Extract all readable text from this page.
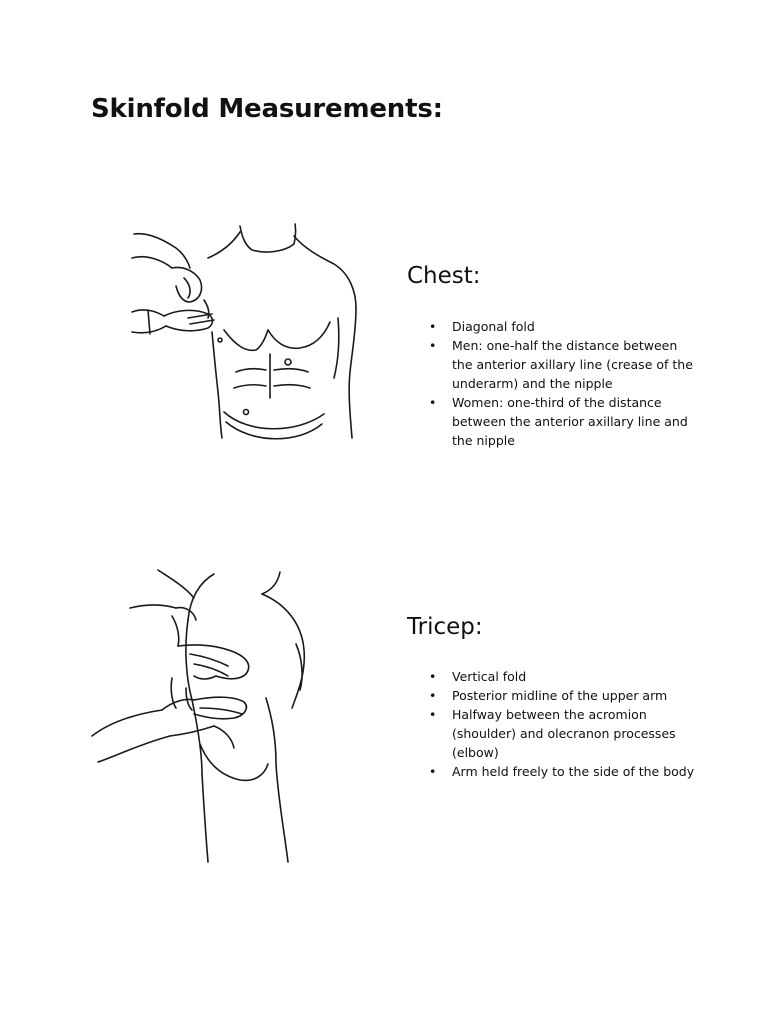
Skinfold Measurements:
Chest:
• Diagonal fold
• Men: one-half the distance between the anterior axillary line (crease of the underarm) and the nipple
• Women: one-third of the distance between the anterior axillary line and the nipple
Tricep:
• Vertical fold
• Posterior midline of the upper arm
• Halfway between the acromion (shoulder) and olecranon processes (elbow)
• Arm held freely to the side of the body
